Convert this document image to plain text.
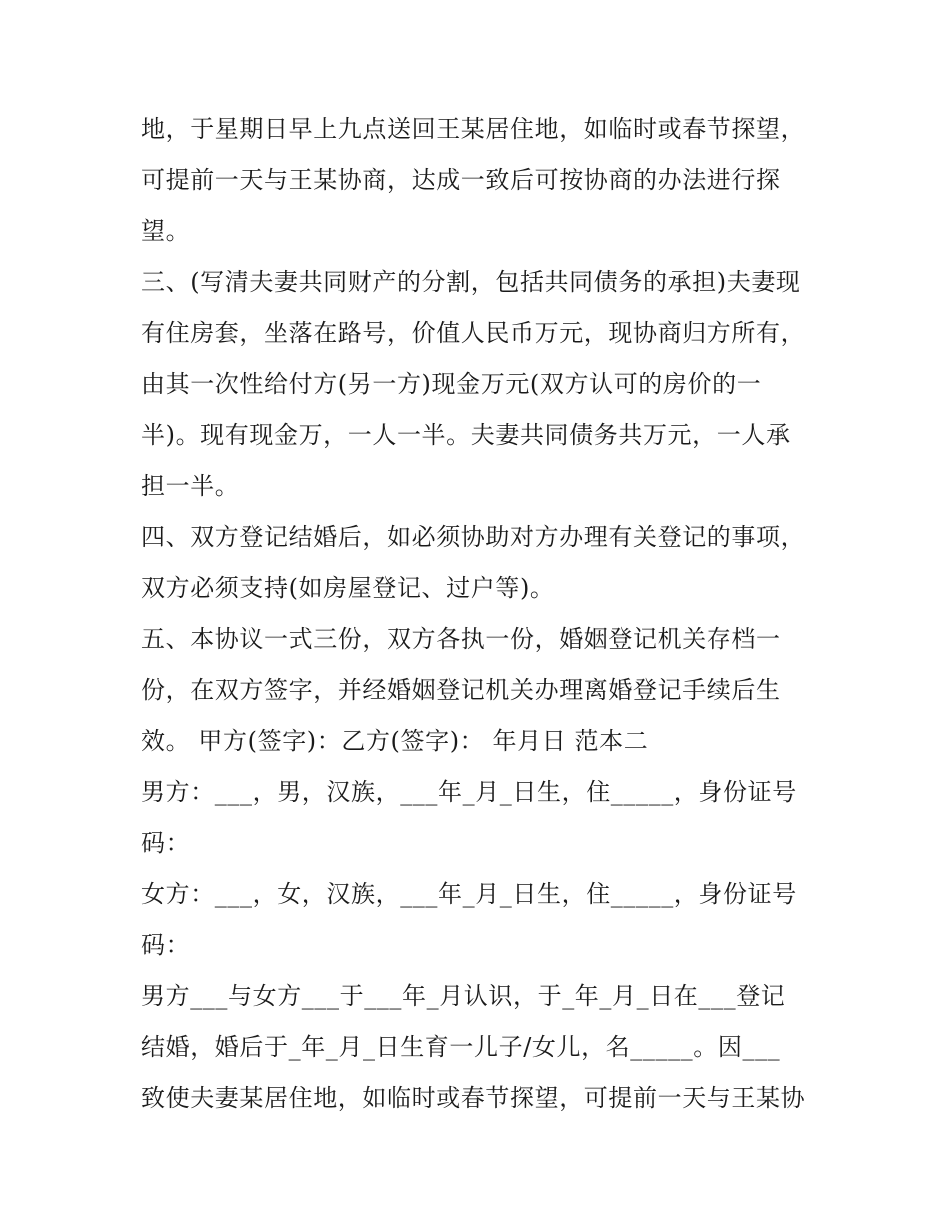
地，于星期日早上九点送回王某居住地，如临时或春节探望，
可提前一天与王某协商，达成一致后可按协商的办法进行探
望。
三、(写清夫妻共同财产的分割，包括共同债务的承担)夫妻现
有住房套，坐落在路号，价值人民币万元，现协商归方所有，
由其一次性给付方(另一方)现金万元(双方认可的房价的一
半)。现有现金万，一人一半。夫妻共同债务共万元，一人承
担一半。
四、双方登记结婚后，如必须协助对方办理有关登记的事项，
双方必须支持(如房屋登记、过户等)。
五、本协议一式三份，双方各执一份，婚姻登记机关存档一
份，在双方签字，并经婚姻登记机关办理离婚登记手续后生
效。 甲方(签字)：乙方(签字)： 年月日 范本二
男方：___，男，汉族，___年_月_日生，住_____，身份证号
码：
女方：___，女，汉族，___年_月_日生，住_____，身份证号
码：
男方___与女方___于___年_月认识，于_年_月_日在___登记
结婚，婚后于_年_月_日生育一儿子/女儿，名_____。因___
致使夫妻某居住地，如临时或春节探望，可提前一天与王某协
